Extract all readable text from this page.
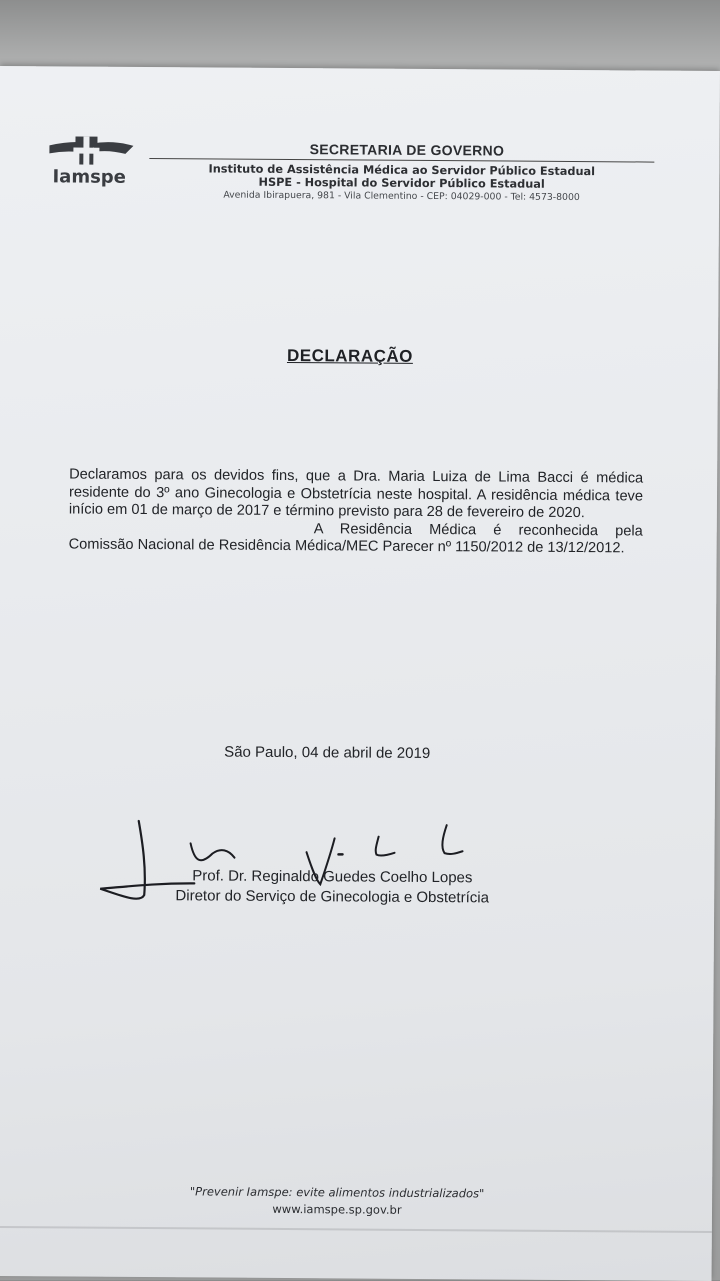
Iamspe
SECRETARIA DE GOVERNO
Instituto de Assistência Médica ao Servidor Público Estadual
HSPE - Hospital do Servidor Público Estadual
Avenida Ibirapuera, 981 - Vila Clementino - CEP: 04029-000 - Tel: 4573-8000
DECLARAÇÃO

Declaramos para os devidos fins, que a Dra. Maria Luiza de Lima Bacci é médica residente do 3º ano Ginecologia e Obstetrícia neste hospital. A residência médica teve início em 01 de março de 2017 e término previsto para 28 de fevereiro de 2020.

A Residência Médica é reconhecida pela Comissão Nacional de Residência Médica/MEC Parecer nº 1150/2012 de 13/12/2012.

São Paulo, 04 de abril de 2019
Prof. Dr. Reginaldo Guedes Coelho Lopes
Diretor do Serviço de Ginecologia e Obstetrícia
"Prevenir Iamspe: evite alimentos industrializados"
www.iamspe.sp.gov.br
